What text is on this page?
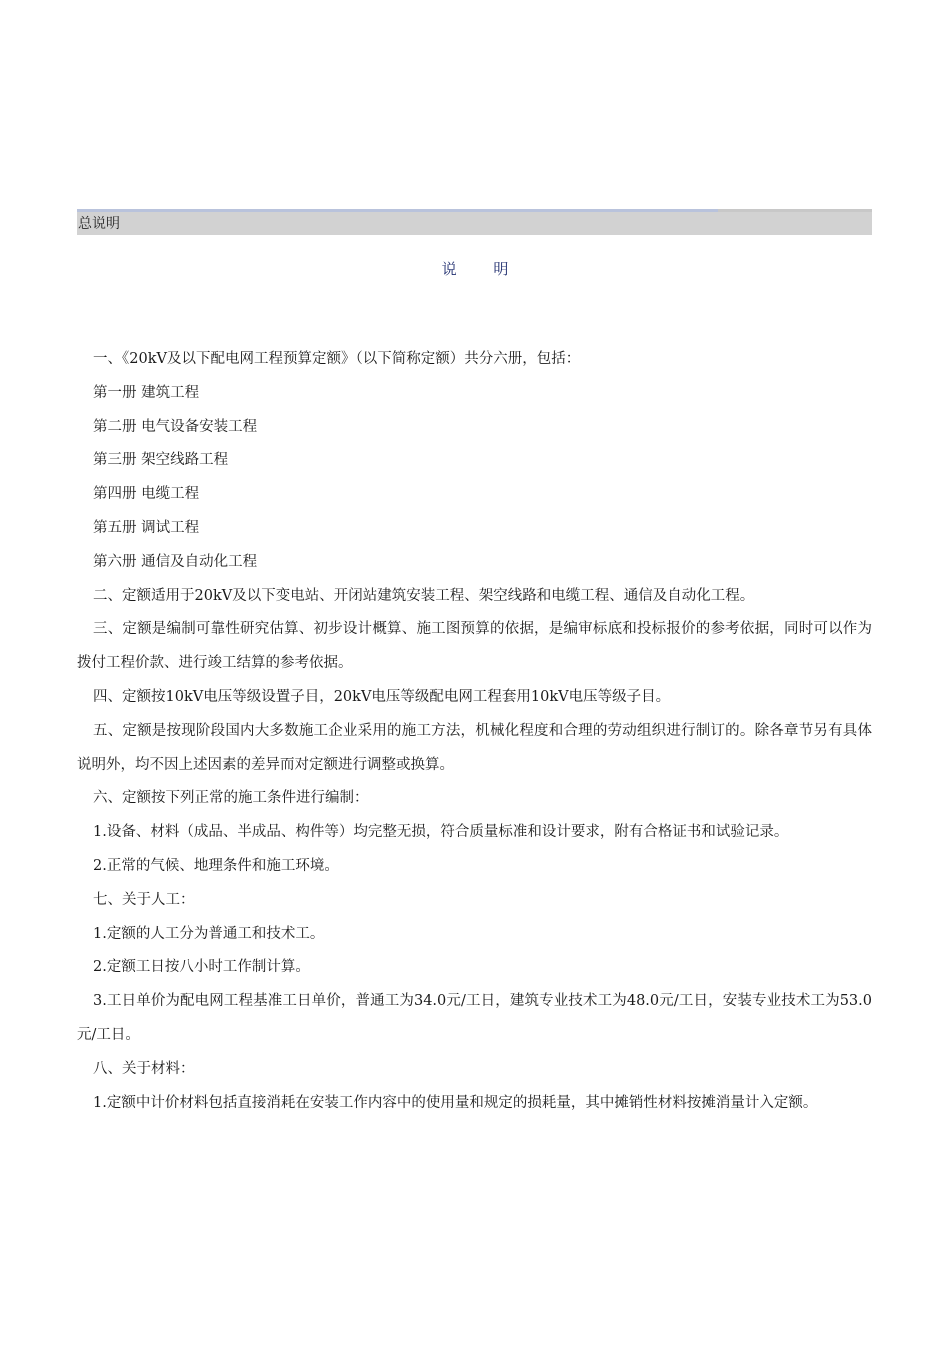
总说明
说 明

一、《20kV及以下配电网工程预算定额》（以下简称定额）共分六册，包括：

第一册 建筑工程

第二册 电气设备安装工程

第三册 架空线路工程

第四册 电缆工程

第五册 调试工程

第六册 通信及自动化工程

二、定额适用于20kV及以下变电站、开闭站建筑安装工程、架空线路和电缆工程、通信及自动化工程。

三、定额是编制可靠性研究估算、初步设计概算、施工图预算的依据，是编审标底和投标报价的参考依据，同时可以作为拨付工程价款、进行竣工结算的参考依据。

四、定额按10kV电压等级设置子目，20kV电压等级配电网工程套用10kV电压等级子目。

五、定额是按现阶段国内大多数施工企业采用的施工方法，机械化程度和合理的劳动组织进行制订的。除各章节另有具体说明外，均不因上述因素的差异而对定额进行调整或换算。

六、定额按下列正常的施工条件进行编制：

1.设备、材料（成品、半成品、构件等）均完整无损，符合质量标准和设计要求，附有合格证书和试验记录。

2.正常的气候、地理条件和施工环境。

七、关于人工：

1.定额的人工分为普通工和技术工。

2.定额工日按八小时工作制计算。

3.工日单价为配电网工程基准工日单价，普通工为34.0元/工日，建筑专业技术工为48.0元/工日，安装专业技术工为53.0元/工日。

八、关于材料：

1.定额中计价材料包括直接消耗在安装工作内容中的使用量和规定的损耗量，其中摊销性材料按摊消量计入定额。
